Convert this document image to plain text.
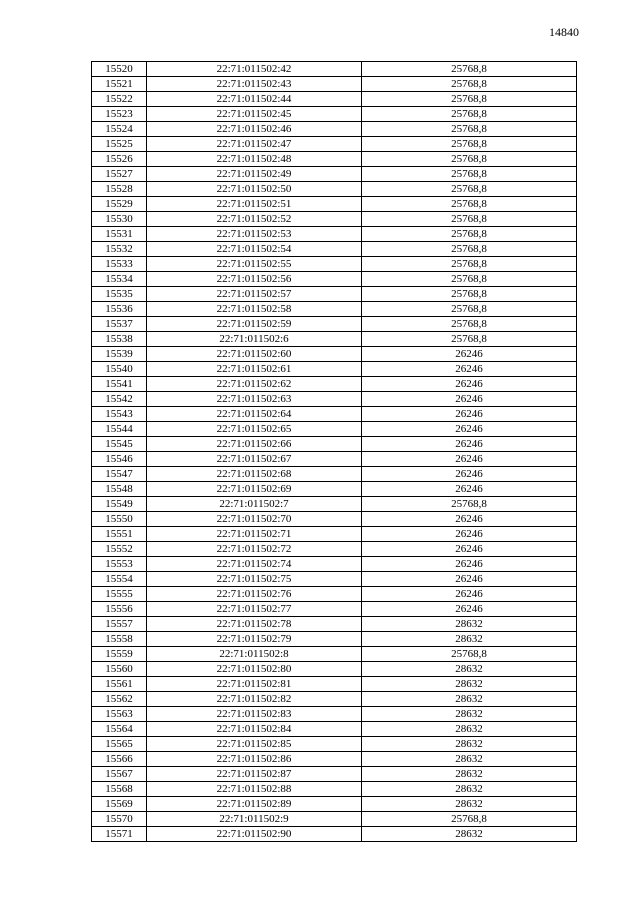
14840
15520	22:71:011502:42	25768,8
15521	22:71:011502:43	25768,8
15522	22:71:011502:44	25768,8
15523	22:71:011502:45	25768,8
15524	22:71:011502:46	25768,8
15525	22:71:011502:47	25768,8
15526	22:71:011502:48	25768,8
15527	22:71:011502:49	25768,8
15528	22:71:011502:50	25768,8
15529	22:71:011502:51	25768,8
15530	22:71:011502:52	25768,8
15531	22:71:011502:53	25768,8
15532	22:71:011502:54	25768,8
15533	22:71:011502:55	25768,8
15534	22:71:011502:56	25768,8
15535	22:71:011502:57	25768,8
15536	22:71:011502:58	25768,8
15537	22:71:011502:59	25768,8
15538	22:71:011502:6	25768,8
15539	22:71:011502:60	26246
15540	22:71:011502:61	26246
15541	22:71:011502:62	26246
15542	22:71:011502:63	26246
15543	22:71:011502:64	26246
15544	22:71:011502:65	26246
15545	22:71:011502:66	26246
15546	22:71:011502:67	26246
15547	22:71:011502:68	26246
15548	22:71:011502:69	26246
15549	22:71:011502:7	25768,8
15550	22:71:011502:70	26246
15551	22:71:011502:71	26246
15552	22:71:011502:72	26246
15553	22:71:011502:74	26246
15554	22:71:011502:75	26246
15555	22:71:011502:76	26246
15556	22:71:011502:77	26246
15557	22:71:011502:78	28632
15558	22:71:011502:79	28632
15559	22:71:011502:8	25768,8
15560	22:71:011502:80	28632
15561	22:71:011502:81	28632
15562	22:71:011502:82	28632
15563	22:71:011502:83	28632
15564	22:71:011502:84	28632
15565	22:71:011502:85	28632
15566	22:71:011502:86	28632
15567	22:71:011502:87	28632
15568	22:71:011502:88	28632
15569	22:71:011502:89	28632
15570	22:71:011502:9	25768,8
15571	22:71:011502:90	28632
